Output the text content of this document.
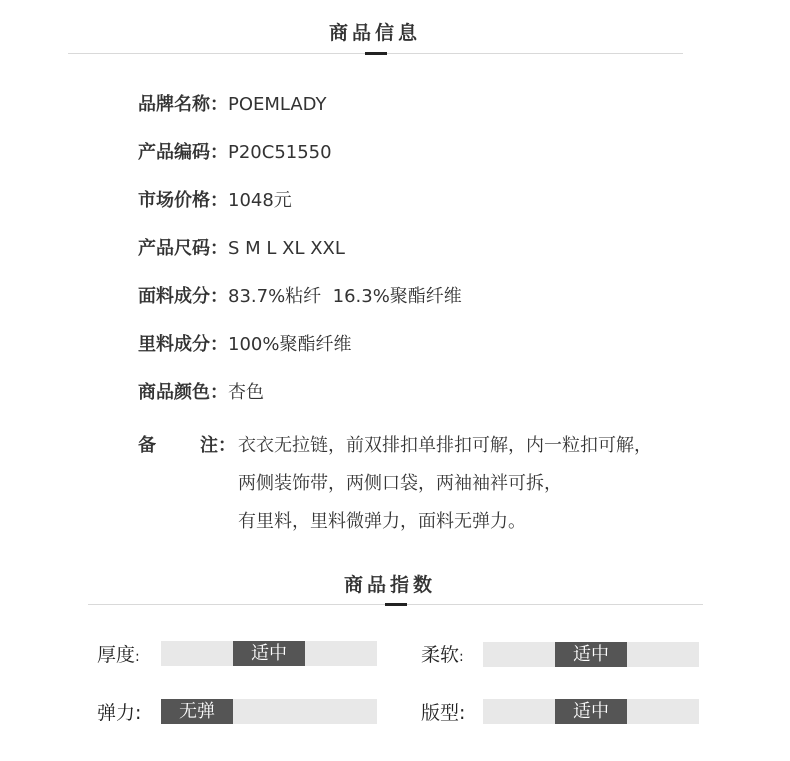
商品信息
品牌名称：POEMLADY
产品编码：P20C51550
市场价格：1048元
产品尺码：S M L XL XXL
面料成分：83.7%粘纤  16.3%聚酯纤维
里料成分：100%聚酯纤维
商品颜色：杏色
备 注： 衣衣无拉链，前双排扣单排扣可解，内一粒扣可解，
两侧装饰带，两侧口袋，两袖袖袢可拆，
有里料，里料微弹力，面料无弹力。
商品指数
厚度:	适中	柔软:	适中
弹力:	无弹	版型:	适中
